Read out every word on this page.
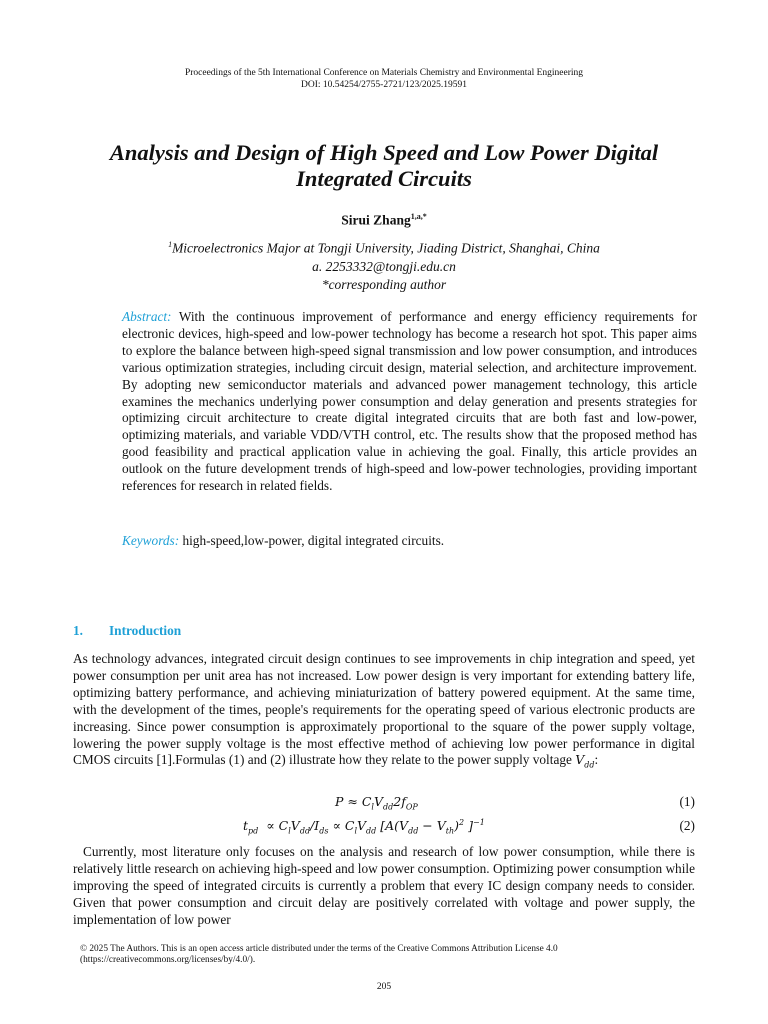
Proceedings of the 5th International Conference on Materials Chemistry and Environmental Engineering
DOI: 10.54254/2755-2721/123/2025.19591
Analysis and Design of High Speed and Low Power Digital Integrated Circuits
Sirui Zhang$^{1,a,*}$
$^1$Microelectronics Major at Tongji University, Jiading District, Shanghai, China
a. 2253332@tongji.edu.cn
*corresponding author
Abstract: With the continuous improvement of performance and energy efficiency requirements for electronic devices, high-speed and low-power technology has become a research hot spot. This paper aims to explore the balance between high-speed signal transmission and low power consumption, and introduces various optimization strategies, including circuit design, material selection, and architecture improvement. By adopting new semiconductor materials and advanced power management technology, this article examines the mechanics underlying power consumption and delay generation and presents strategies for optimizing circuit architecture to create digital integrated circuits that are both fast and low-power, optimizing materials, and variable VDD/VTH control, etc. The results show that the proposed method has good feasibility and practical application value in achieving the goal. Finally, this article provides an outlook on the future development trends of high-speed and low-power technologies, providing important references for research in related fields.
Keywords: high-speed,low-power, digital integrated circuits.
1. Introduction
As technology advances, integrated circuit design continues to see improvements in chip integration and speed, yet power consumption per unit area has not increased. Low power design is very important for extending battery life, optimizing battery performance, and achieving miniaturization of battery powered equipment. At the same time, with the development of the times, people's requirements for the operating speed of various electronic products are increasing. Since power consumption is approximately proportional to the square of the power supply voltage, lowering the power supply voltage is the most effective method of achieving low power performance in digital CMOS circuits [1].Formulas (1) and (2) illustrate how they relate to the power supply voltage $V_{dd}$:
$P \approx C_lV_{dd}2f_{OP}$	(1)
$t_{pd} \propto C_lV_{dd}/I_{ds} \propto C_lV_{dd}$ [$A(V_{dd} - V_{th})^2$ ]$^{-1}$	(2)
Currently, most literature only focuses on the analysis and research of low power consumption, while there is relatively little research on achieving high-speed and low power consumption. Optimizing power consumption while improving the speed of integrated circuits is currently a problem that every IC design company needs to consider. Given that power consumption and circuit delay are positively correlated with voltage and power supply, the implementation of low power
© 2025 The Authors. This is an open access article distributed under the terms of the Creative Commons Attribution License 4.0 (https://creativecommons.org/licenses/by/4.0/).
205
